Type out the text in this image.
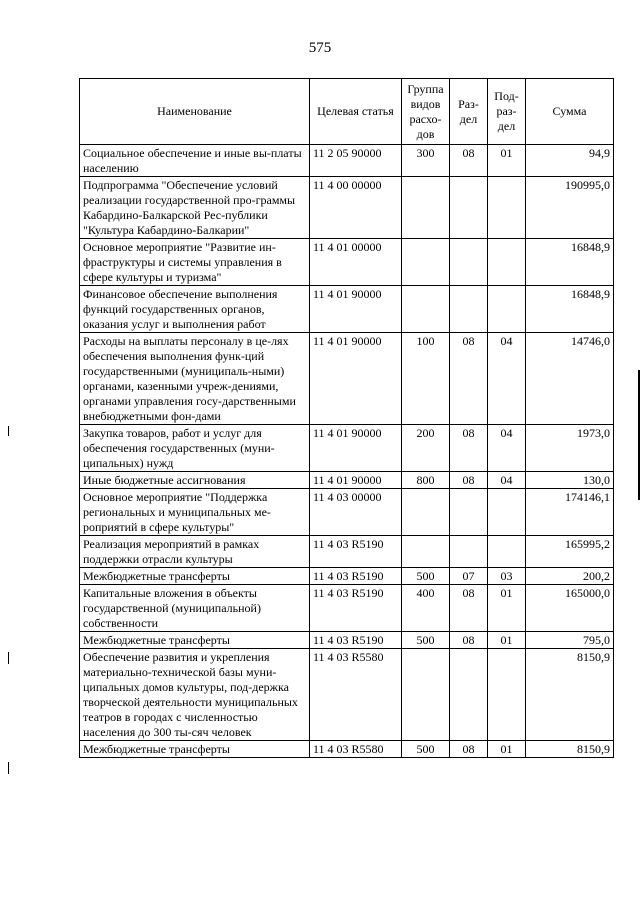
575
Наименование	Целевая статья	Группа видов расхо-дов	Раз-дел	Под-раз-дел	Сумма
Социальное обеспечение и иные вы-платы населению	11 2 05 90000	300	08	01	94,9
Подпрограмма "Обеспечение условий реализации государственной про-граммы Кабардино-Балкарской Рес-публики "Культура Кабардино-Балкарии"	11 4 00 00000				190995,0
Основное мероприятие "Развитие ин-фраструктуры и системы управления в сфере культуры и туризма"	11 4 01 00000				16848,9
Финансовое обеспечение выполнения функций государственных органов, оказания услуг и выполнения работ	11 4 01 90000				16848,9
Расходы на выплаты персоналу в це-лях обеспечения выполнения функ-ций государственными (муниципаль-ными) органами, казенными учреж-дениями, органами управления госу-дарственными внебюджетными фон-дами	11 4 01 90000	100	08	04	14746,0
Закупка товаров, работ и услуг для обеспечения государственных (муни-ципальных) нужд	11 4 01 90000	200	08	04	1973,0
Иные бюджетные ассигнования	11 4 01 90000	800	08	04	130,0
Основное мероприятие "Поддержка региональных и муниципальных ме-роприятий в сфере культуры"	11 4 03 00000				174146,1
Реализация мероприятий в рамках поддержки отрасли культуры	11 4 03 R5190				165995,2
Межбюджетные трансферты	11 4 03 R5190	500	07	03	200,2
Капитальные вложения в объекты государственной (муниципальной) собственности	11 4 03 R5190	400	08	01	165000,0
Межбюджетные трансферты	11 4 03 R5190	500	08	01	795,0
Обеспечение развития и укрепления материально-технической базы муни-ципальных домов культуры, под-держка творческой деятельности муниципальных театров в городах с численностью населения до 300 ты-сяч человек	11 4 03 R5580				8150,9
Межбюджетные трансферты	11 4 03 R5580	500	08	01	8150,9
